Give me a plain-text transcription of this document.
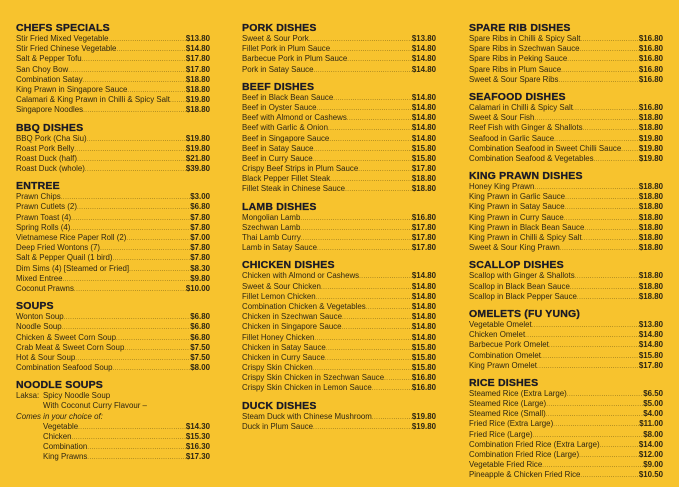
CHEFS SPECIALS
Stir Fried Mixed Vegetable .....	$13.80
Stir Fried Chinese Vegetable .....	$14.80
Salt & Pepper Tofu .....	$17.80
San Choy Bow .....	$17.80
Combination Satay .....	$18.80
King Prawn in Singapore Sauce .....	$18.80
Calamari & King Prawn in Chilli & Spicy Salt ..... $19.80
Singapore Noodles .....	$18.80
BBQ DISHES
BBQ Pork (Cha Siu) .....	$19.80
Roast Pork Belly .....	$19.80
Roast Duck (half) .....	$21.80
Roast Duck (whole) .....	$39.80
ENTREE
Prawn Chips .....	$3.00
Prawn Cutlets (2) .....	$6.80
Prawn Toast (4) .....	$7.80
Spring Rolls (4) .....	$7.80
Vietnamese Rice Paper Roll (2) .....	$7.00
Deep Fried Wontons (7) .....	$7.80
Salt & Pepper Quail (1 bird) .....	$7.80
Dim Sims (4) [Steamed or Fried] .....	$8.30
Mixed Entree .....	$9.80
Coconut Prawns .....	$10.00
SOUPS
Wonton Soup .....	$6.80
Noodle Soup .....	$6.80
Chicken & Sweet Corn Soup .....	$6.80
Crab Meat & Sweet Corn Soup .....	$7.50
Hot & Sour Soup .....	$7.50
Combination Seafood Soup .....	$8.00
NOODLE SOUPS
Laksa: Spicy Noodle Soup
With Coconut Curry Flavour –
Comes in your choice of:
Vegetable .....	$14.30
Chicken .....	$15.30
Combination .....	$16.30
King Prawns .....	$17.30
PORK DISHES
Sweet & Sour Pork .....	$13.80
Fillet Pork in Plum Sauce .....	$14.80
Barbecue Pork in Plum Sauce .....	$14.80
Pork in Satay Sauce .....	$14.80
BEEF DISHES
Beef in Black Bean Sauce .....	$14.80
Beef in Oyster Sauce .....	$14.80
Beef with Almond or Cashews .....	$14.80
Beef with Garlic & Onion .....	$14.80
Beef in Singapore Sauce .....	$14.80
Beef in Satay Sauce .....	$15.80
Beef in Curry Sauce .....	$15.80
Crispy Beef Strips in Plum Sauce .....	$17.80
Black Pepper Fillet Steak .....	$18.80
Fillet Steak in Chinese Sauce .....	$18.80
LAMB DISHES
Mongolian Lamb .....	$16.80
Szechwan Lamb .....	$17.80
Thai Lamb Curry .....	$17.80
Lamb in Satay Sauce .....	$17.80
CHICKEN DISHES
Chicken with Almond or Cashews .....	$14.80
Sweet & Sour Chicken .....	$14.80
Fillet Lemon Chicken .....	$14.80
Combination Chicken & Vegetables .....	$14.80
Chicken in Szechwan Sauce .....	$14.80
Chicken in Singapore Sauce .....	$14.80
Fillet Honey Chicken .....	$14.80
Chicken in Satay Sauce .....	$15.80
Chicken in Curry Sauce .....	$15.80
Crispy Skin Chicken .....	$15.80
Crispy Skin Chicken in Szechwan Sauce .....	$16.80
Crispy Skin Chicken in Lemon Sauce .....	$16.80
DUCK DISHES
Steam Duck with Chinese Mushroom .....	$19.80
Duck in Plum Sauce .....	$19.80
SPARE RIB DISHES
Spare Ribs in Chilli & Spicy Salt .....	$16.80
Spare Ribs in Szechwan Sauce .....	$16.80
Spare Ribs in Peking Sauce .....	$16.80
Spare Ribs in Plum Sauce .....	$16.80
Sweet & Sour Spare Ribs .....	$16.80
SEAFOOD DISHES
Calamari in Chilli & Spicy Salt .....	$16.80
Sweet & Sour Fish .....	$18.80
Reef Fish with Ginger & Shallots .....	$18.80
Seafood in Garlic Sauce .....	$19.80
Combination Seafood in Sweet Chilli Sauce ..... $19.80
Combination Seafood & Vegetables .....	$19.80
KING PRAWN DISHES
Honey King Prawn .....	$18.80
King Prawn in Garlic Sauce .....	$18.80
King Prawn in Satay Sauce .....	$18.80
King Prawn in Curry Sauce .....	$18.80
King Prawn in Black Bean Sauce .....	$18.80
King Prawn in Chilli & Spicy Salt .....	$18.80
Sweet & Sour King Prawn .....	$18.80
SCALLOP DISHES
Scallop with Ginger & Shallots .....	$18.80
Scallop in Black Bean Sauce .....	$18.80
Scallop in Black Pepper Sauce .....	$18.80
OMELETS (FU YUNG)
Vegetable Omelet .....	$13.80
Chicken Omelet .....	$14.80
Barbecue Pork Omelet .....	$14.80
Combination Omelet .....	$15.80
King Prawn Omelet .....	$17.80
RICE DISHES
Steamed Rice (Extra Large) .....	$6.50
Steamed Rice (Large) .....	$5.00
Steamed Rice (Small) .....	$4.00
Fried Rice (Extra Large) .....	$11.00
Fried Rice (Large) .....	$8.00
Combination Fried Rice (Extra Large) .....	$14.00
Combination Fried Rice (Large) .....	$12.00
Vegetable Fried Rice .....	$9.00
Pineapple & Chicken Fried Rice .....	$10.50
